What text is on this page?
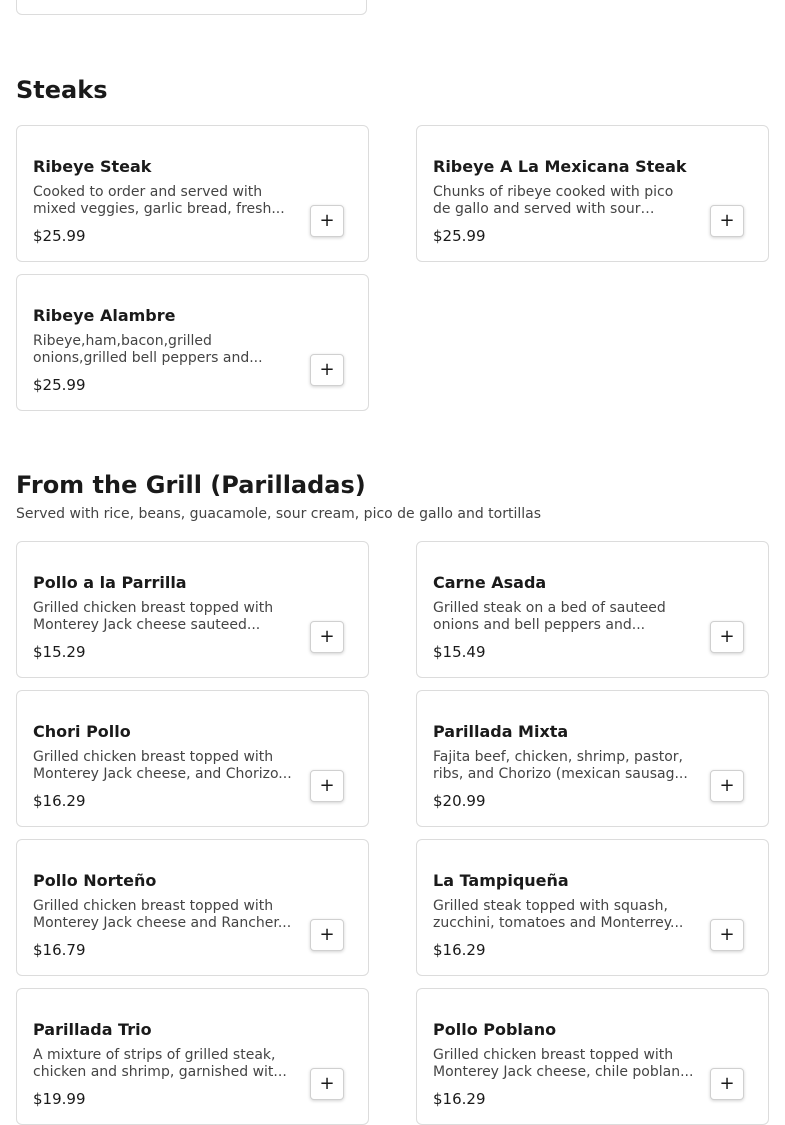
Steaks
Ribeye Steak
Cooked to order and served with mixed veggies, garlic bread, fresh...
$25.99
+
Ribeye A La Mexicana Steak
Chunks of ribeye cooked with pico de gallo and served with sour
$25.99
+
Ribeye Alambre
Ribeye,ham,bacon,grilled onions,grilled bell peppers and...
$25.99
+
From the Grill (Parilladas)

Served with rice, beans, guacamole, sour cream, pico de gallo and tortillas

Pollo a la Parrilla
Grilled chicken breast topped with Monterey Jack cheese sauteed...
$15.29
+
Carne Asada
Grilled steak on a bed of sauteed onions and bell peppers and...
$15.49
+
Chori Pollo
Grilled chicken breast topped with Monterey Jack cheese, and Chorizo...
$16.29
+
Parillada Mixta
Fajita beef, chicken, shrimp, pastor, ribs, and Chorizo (mexican sausag...
$20.99
+
Pollo Norteño
Grilled chicken breast topped with Monterey Jack cheese and Rancher...
$16.79
+
La Tampiqueña
Grilled steak topped with squash, zucchini, tomatoes and Monterrey...
$16.29
+
Parillada Trio
A mixture of strips of grilled steak, chicken and shrimp, garnished wit...
$19.99
+
Pollo Poblano
Grilled chicken breast topped with Monterey Jack cheese, chile poblan...
$16.29
+
